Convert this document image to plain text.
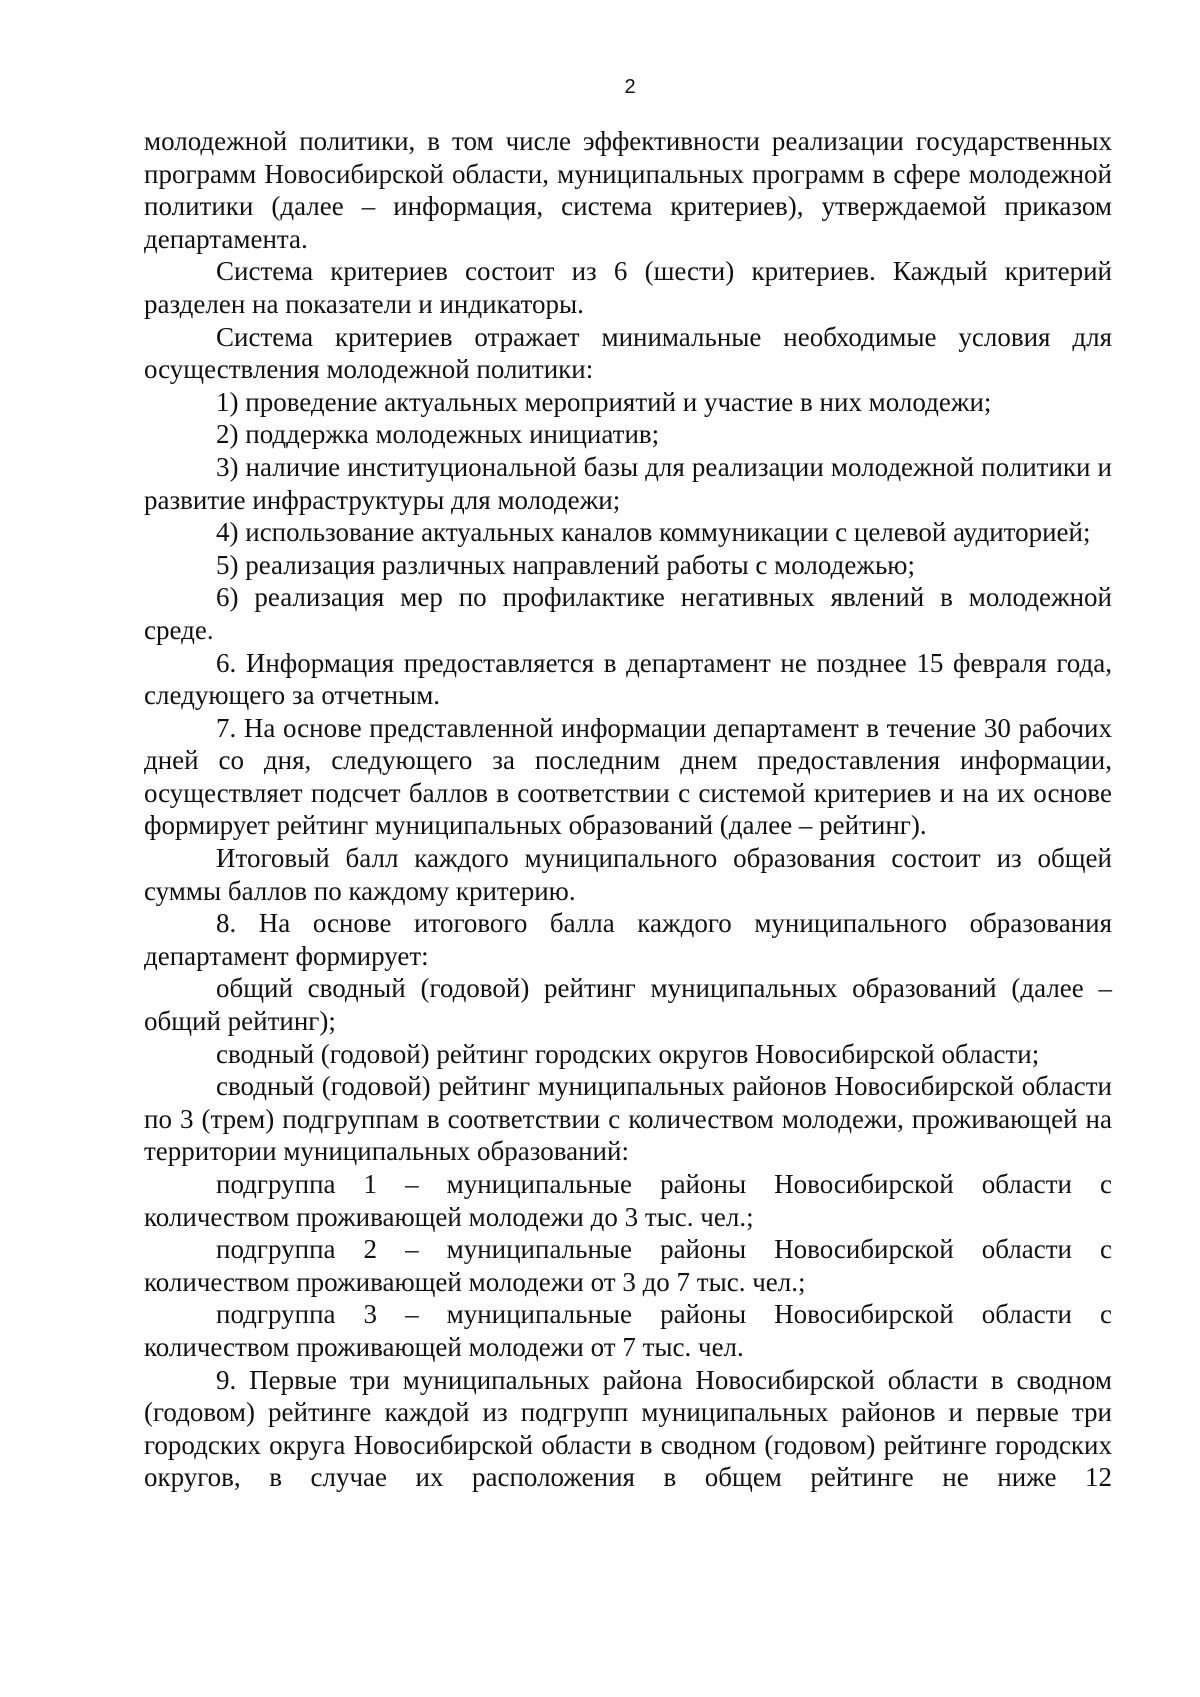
2

молодежной политики, в том числе эффективности реализации государственных программ Новосибирской области, муниципальных программ в сфере молодежной политики (далее – информация, система критериев), утверждаемой приказом департамента.

Система критериев состоит из 6 (шести) критериев. Каждый критерий разделен на показатели и индикаторы.

Система критериев отражает минимальные необходимые условия для осуществления молодежной политики:

1) проведение актуальных мероприятий и участие в них молодежи;

2) поддержка молодежных инициатив;

3) наличие институциональной базы для реализации молодежной политики и развитие инфраструктуры для молодежи;

4) использование актуальных каналов коммуникации с целевой аудиторией;

5) реализация различных направлений работы с молодежью;

6) реализация мер по профилактике негативных явлений в молодежной среде.

6. Информация предоставляется в департамент не позднее 15 февраля года, следующего за отчетным.

7. На основе представленной информации департамент в течение 30 рабочих дней со дня, следующего за последним днем предоставления информации, осуществляет подсчет баллов в соответствии с системой критериев и на их основе формирует рейтинг муниципальных образований (далее – рейтинг).

Итоговый балл каждого муниципального образования состоит из общей суммы баллов по каждому критерию.

8. На основе итогового балла каждого муниципального образования департамент формирует:

общий сводный (годовой) рейтинг муниципальных образований (далее – общий рейтинг);

сводный (годовой) рейтинг городских округов Новосибирской области;

сводный (годовой) рейтинг муниципальных районов Новосибирской области по 3 (трем) подгруппам в соответствии с количеством молодежи, проживающей на территории муниципальных образований:

подгруппа 1 – муниципальные районы Новосибирской области с количеством проживающей молодежи до 3 тыс. чел.;

подгруппа 2 – муниципальные районы Новосибирской области с количеством проживающей молодежи от 3 до 7 тыс. чел.;

подгруппа 3 – муниципальные районы Новосибирской области с количеством проживающей молодежи от 7 тыс. чел.

9. Первые три муниципальных района Новосибирской области в сводном (годовом) рейтинге каждой из подгрупп муниципальных районов и первые три городских округа Новосибирской области в сводном (годовом) рейтинге городских округов, в случае их расположения в общем рейтинге не ниже 12
